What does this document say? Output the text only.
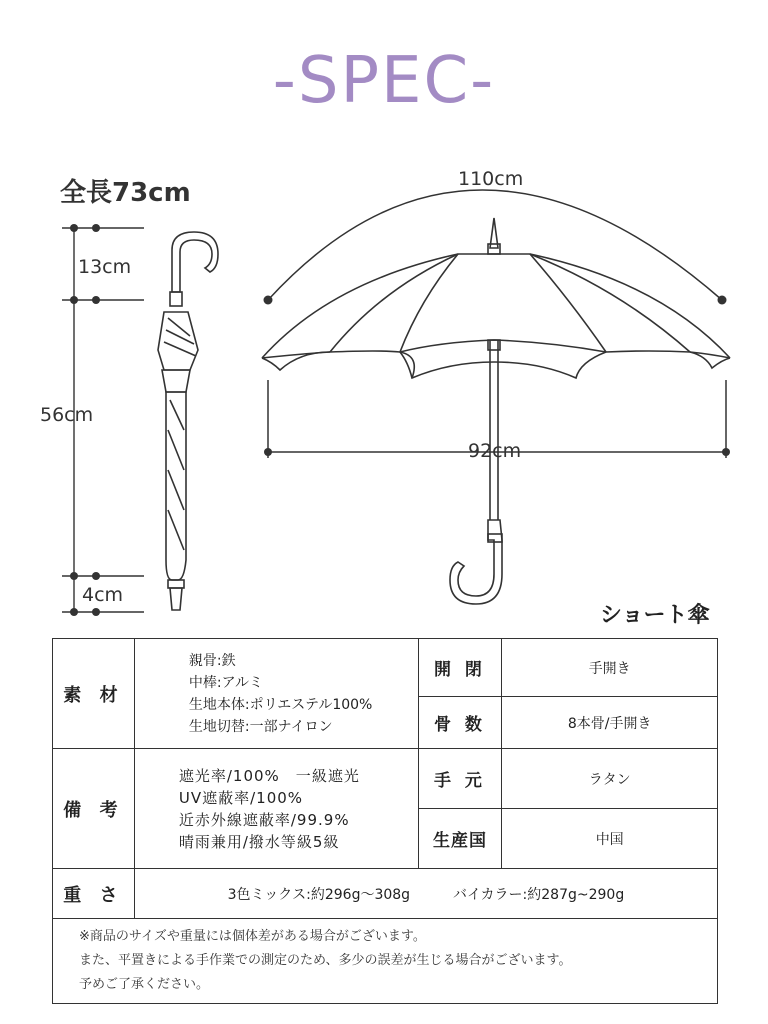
-SPEC-
全長73cm
13cm
56cm
4cm
110cm
92cm
ショート傘
素 材	親骨:鉄
中棒:アルミ
生地本体:ポリエステル100%
生地切替:一部ナイロン	開 閉	手開き
		骨 数	8本骨/手開き
備 考	遮光率/100%　一級遮光
UV遮蔽率/100%
近赤外線遮蔽率/99.9%
晴雨兼用/撥水等級5級	手 元	ラタン
		生産国	中国
重 さ	3色ミックス:約296g～308g バイカラー:約287g~290g		

※商品のサイズや重量には個体差がある場合がございます。
また、平置きによる手作業での測定のため、多少の誤差が生じる場合がございます。
予めご了承ください。			
